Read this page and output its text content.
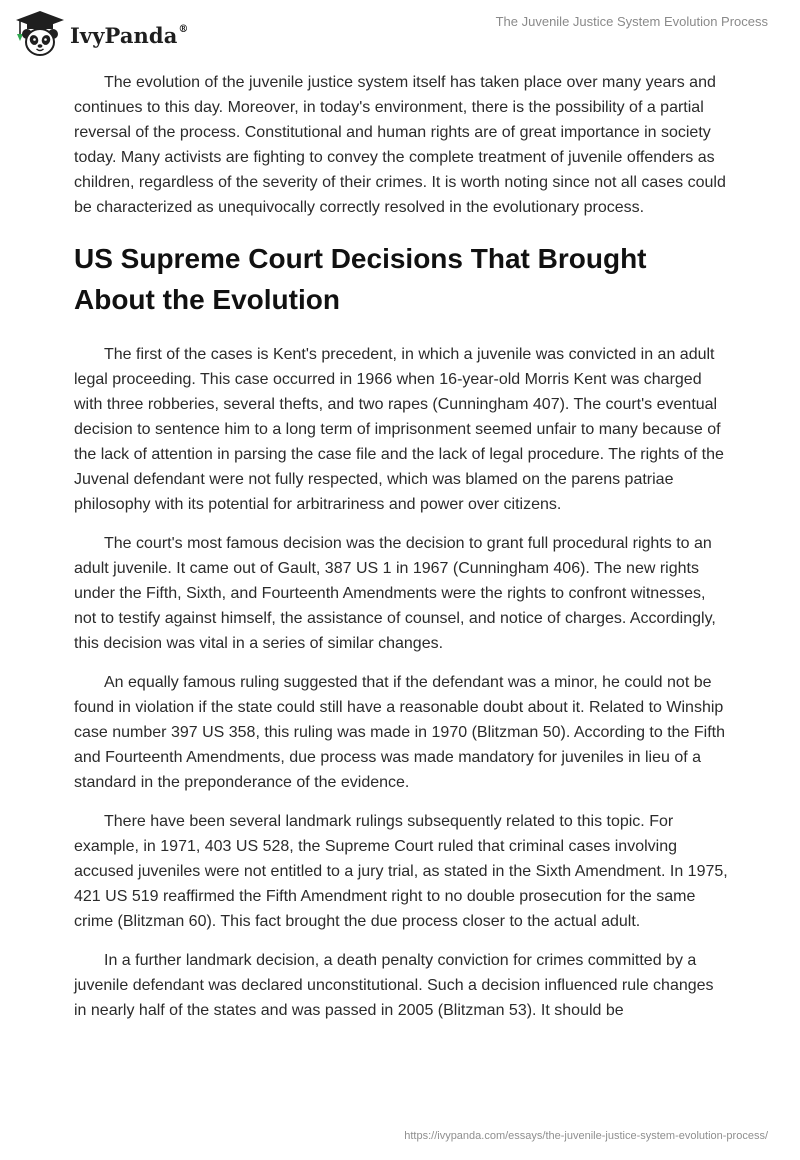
IvyPanda®	The Juvenile Justice System Evolution Process

The evolution of the juvenile justice system itself has taken place over many years and continues to this day. Moreover, in today's environment, there is the possibility of a partial reversal of the process. Constitutional and human rights are of great importance in society today. Many activists are fighting to convey the complete treatment of juvenile offenders as children, regardless of the severity of their crimes. It is worth noting since not all cases could be characterized as unequivocally correctly resolved in the evolutionary process.

US Supreme Court Decisions That Brought About the Evolution

The first of the cases is Kent's precedent, in which a juvenile was convicted in an adult legal proceeding. This case occurred in 1966 when 16-year-old Morris Kent was charged with three robberies, several thefts, and two rapes (Cunningham 407). The court's eventual decision to sentence him to a long term of imprisonment seemed unfair to many because of the lack of attention in parsing the case file and the lack of legal procedure. The rights of the Juvenal defendant were not fully respected, which was blamed on the parens patriae philosophy with its potential for arbitrariness and power over citizens.

The court's most famous decision was the decision to grant full procedural rights to an adult juvenile. It came out of Gault, 387 US 1 in 1967 (Cunningham 406). The new rights under the Fifth, Sixth, and Fourteenth Amendments were the rights to confront witnesses, not to testify against himself, the assistance of counsel, and notice of charges. Accordingly, this decision was vital in a series of similar changes.

An equally famous ruling suggested that if the defendant was a minor, he could not be found in violation if the state could still have a reasonable doubt about it. Related to Winship case number 397 US 358, this ruling was made in 1970 (Blitzman 50). According to the Fifth and Fourteenth Amendments, due process was made mandatory for juveniles in lieu of a standard in the preponderance of the evidence.

There have been several landmark rulings subsequently related to this topic. For example, in 1971, 403 US 528, the Supreme Court ruled that criminal cases involving accused juveniles were not entitled to a jury trial, as stated in the Sixth Amendment. In 1975, 421 US 519 reaffirmed the Fifth Amendment right to no double prosecution for the same crime (Blitzman 60). This fact brought the due process closer to the actual adult.

In a further landmark decision, a death penalty conviction for crimes committed by a juvenile defendant was declared unconstitutional. Such a decision influenced rule changes in nearly half of the states and was passed in 2005 (Blitzman 53). It should be

https://ivypanda.com/essays/the-juvenile-justice-system-evolution-process/
